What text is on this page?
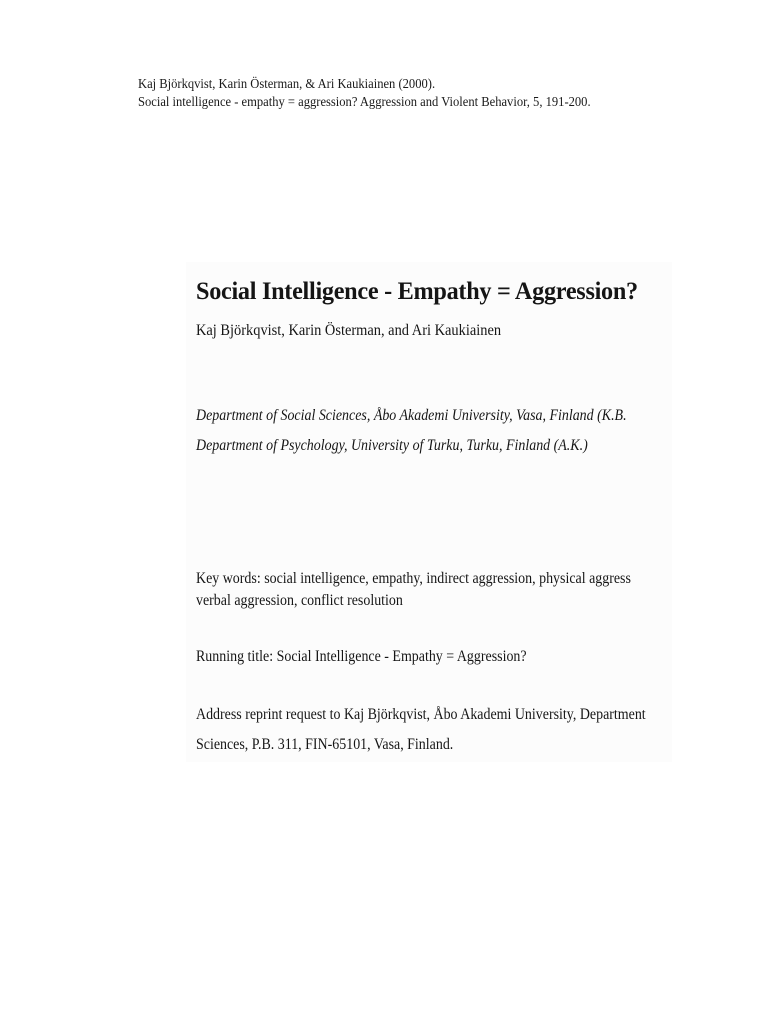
Kaj Björkqvist, Karin Österman, & Ari Kaukiainen (2000).
Social intelligence - empathy = aggression? Aggression and Violent Behavior, 5, 191-200.
Social Intelligence - Empathy = Aggression?
Kaj Björkqvist, Karin Österman, and Ari Kaukiainen
Department of Social Sciences, Åbo Akademi University, Vasa, Finland (K.B.
Department of Psychology, University of Turku, Turku, Finland (A.K.)
Key words: social intelligence, empathy, indirect aggression, physical aggress
verbal aggression, conflict resolution
Running title: Social Intelligence - Empathy = Aggression?
Address reprint request to Kaj Björkqvist, Åbo Akademi University, Department
Sciences, P.B. 311, FIN-65101, Vasa, Finland.
